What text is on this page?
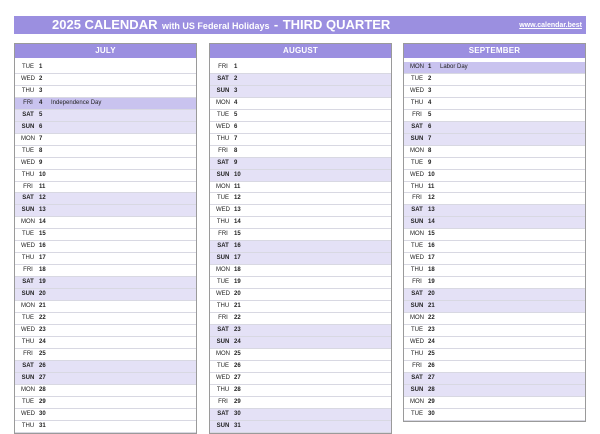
2025 CALENDAR with US Federal Holidays - THIRD QUARTER	www.calendar.best
JULY
TUE 1
WED 2
THU 3
FRI	4 Independence Day
SAT 5
SUN 6
MON 7
TUE 8
WED 9
THU 10
FRI	11
SAT 12
SUN 13
MON 14
TUE 15
WED 16
THU 17
FRI	18
SAT 19
SUN 20
MON 21
TUE 22
WED 23
THU 24
FRI	25
SAT 26
SUN 27
MON 28
TUE 29
WED 30
THU 31
AUGUST
FRI	1
SAT 2
SUN 3
MON 4
TUE 5
WED 6
THU 7
FRI	8
SAT 9
SUN 10
MON 11
TUE 12
WED 13
THU 14
FRI	15
SAT 16
SUN 17
MON 18
TUE 19
WED 20
THU 21
FRI	22
SAT 23
SUN 24
MON 25
TUE 26
WED 27
THU 28
FRI	29
SAT 30
SUN 31
SEPTEMBER
MON 1 Labor Day
TUE 2
WED 3
THU 4
FRI	5
SAT 6
SUN 7
MON 8
TUE 9
WED 10
THU 11
FRI	12
SAT 13
SUN 14
MON 15
TUE 16
WED 17
THU 18
FRI	19
SAT 20
SUN 21
MON 22
TUE 23
WED 24
THU 25
FRI	26
SAT 27
SUN 28
MON 29
TUE 30
